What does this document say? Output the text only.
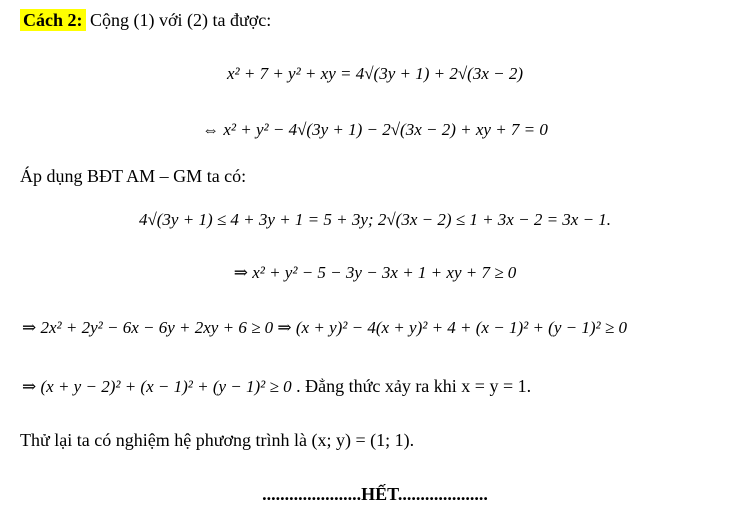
Cách 2: Cộng (1) với (2) ta được:
x² + 7 + y² + xy = 4√(3y + 1) + 2√(3x − 2)
⇔ x² + y² − 4√(3y + 1) − 2√(3x − 2) + xy + 7 = 0
Áp dụng BĐT AM – GM ta có:
4√(3y + 1) ≤ 4 + 3y + 1 = 5 + 3y; 2√(3x − 2) ≤ 1 + 3x − 2 = 3x − 1.
⇒ x² + y² − 5 − 3y − 3x + 1 + xy + 7 ≥ 0
⇒ 2x² + 2y² − 6x − 6y + 2xy + 6 ≥ 0 ⇒ (x + y)² − 4(x + y)² + 4 + (x − 1)² + (y − 1)² ≥ 0
⇒ (x + y − 2)² + (x − 1)² + (y − 1)² ≥ 0 . Đẳng thức xảy ra khi x = y = 1.
Thử lại ta có nghiệm hệ phương trình là (x; y) = (1; 1).
......................HẾT....................
